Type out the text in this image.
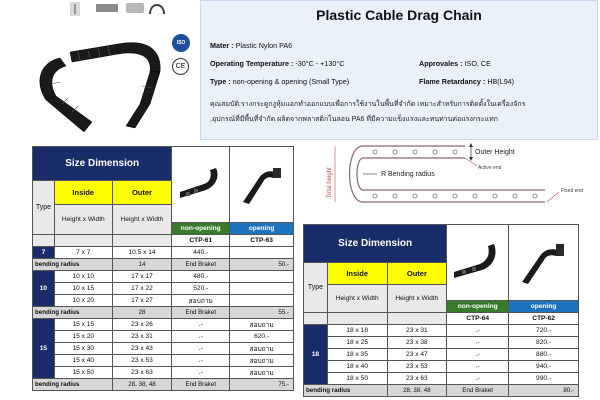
ISO
CE
Plastic Cable Drag Chain
Mater : Plastic Nylon PA6
Operating Temperature : -30°C - +130°C	Approvales : ISO, CE
Type : non-opening & opening (Small Type)	Flame Retardancy : HB(L94)
คุณสมบัติ:รางกระดูกงูหุ้มแอกทำออกแบบเพื่อการใช้งานในพื้นที่จำกัด เหมาะสำหรับการติดตั้งในเครื่องจักร
,อุปกรณ์ที่มีพื้นที่จำกัด ผลิตจากพลาสติกไนลอน PA6 ที่มีความแข็งแรงและทนทานต่อแรงกระแทก
Size Dimension		
Type	Inside	Outer		
	Height x Width	Height x Width		
			non-opening	opening
			CTP-61	CTP-63
7	7 x 7	10.5 x 14	440.-	
bending radius		14	End Braket	50.-
10	10 x 10	17 x 17	480.-	
	10 x 15	17 x 22	520.-	
	10 x 20	17 x 27	สอบถาม	
bending radius		28	End Braket	55.-
15	15 x 15	23 x 26	.-	สอบถาม
	15 x 20	23 x 31	.-	620.-
	15 x 30	23 x 43	.-	สอบถาม
	15 x 40	23 x 53	.-	สอบถาม
	15 x 50	23 x 63	.-	สอบถาม
bending radius		28, 38, 48	End Braket	75.-
Outer Height
Active end
R Bending radius
Fixed end
Total height
Size Dimension		
Type	Inside	Outer		
	Height x Width	Height x Width		
			non-opening	opening
			CTP-64	CTP-62
18	18 x 18	23 x 31	.-	720.-
	18 x 25	23 x 38	.-	820.-
	18 x 35	23 x 47	.-	880.-
	18 x 40	23 x 53	.-	940.-
	18 x 50	23 x 63	.-	990.-
bending radius		28, 38, 48	End Braket	80.-
